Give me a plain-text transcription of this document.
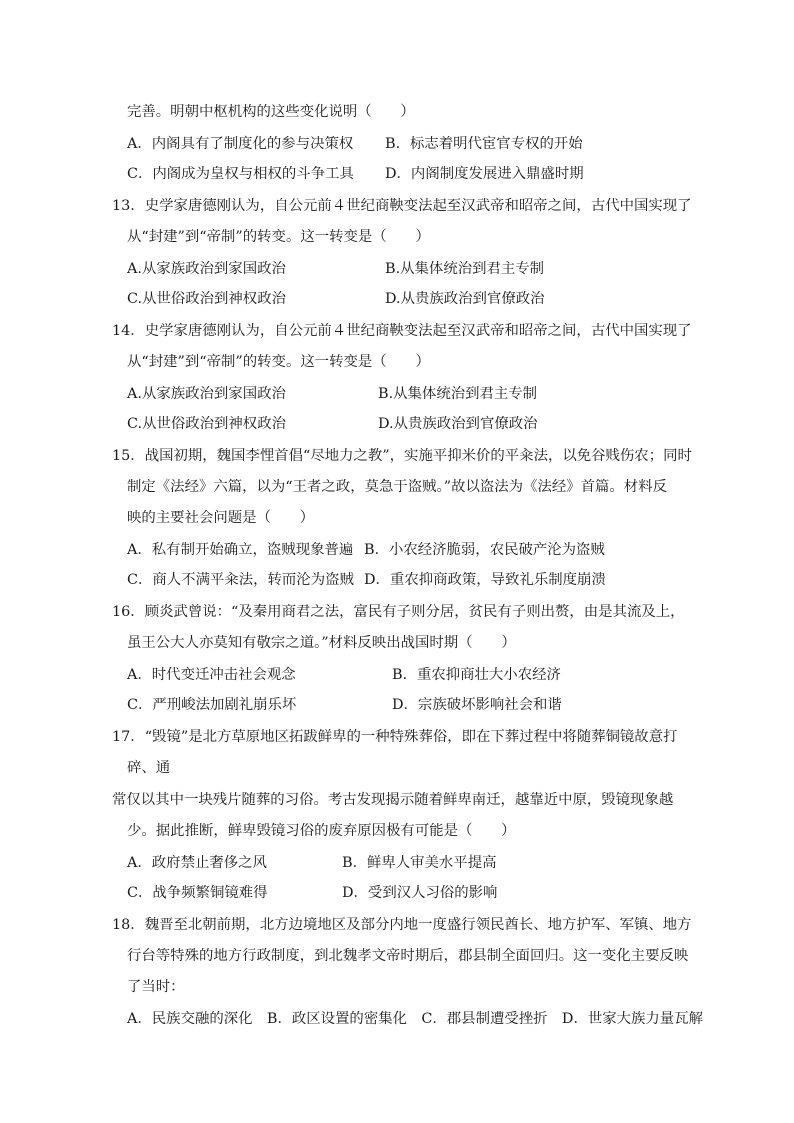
完善。明朝中枢机构的这些变化说明（　　）
A．内阁具有了制度化的参与决策权 B．标志着明代宦官专权的开始
C．内阁成为皇权与相权的斗争工具 D．内阁制度发展进入鼎盛时期
13．史学家唐德刚认为，自公元前４世纪商鞅变法起至汉武帝和昭帝之间，古代中国实现了
从“封建”到“帝制”的转变。这一转变是（　　）
A.从家族政治到家国政治	B.从集体统治到君主专制
C.从世俗政治到神权政治	D.从贵族政治到官僚政治
14．史学家唐德刚认为，自公元前４世纪商鞅变法起至汉武帝和昭帝之间，古代中国实现了
从“封建”到“帝制”的转变。这一转变是（　　）
A.从家族政治到家国政治	B.从集体统治到君主专制
C.从世俗政治到神权政治	D.从贵族政治到官僚政治
15．战国初期，魏国李悝首倡“尽地力之教”，实施平抑米价的平籴法，以免谷贱伤农；同时
制定《法经》六篇，以为“王者之政，莫急于盗贼。”故以盗法为《法经》首篇。材料反
映的主要社会问题是（　　）
A．私有制开始确立，盗贼现象普遍 B．小农经济脆弱，农民破产沦为盗贼
C．商人不满平籴法，转而沦为盗贼 D．重农抑商政策，导致礼乐制度崩溃
16．顾炎武曾说：“及秦用商君之法，富民有子则分居，贫民有子则出赘，由是其流及上，
虽王公大人亦莫知有敬宗之道。”材料反映出战国时期（　　）
A．时代变迁冲击社会观念	B．重农抑商壮大小农经济
C．严刑峻法加剧礼崩乐坏	D．宗族破坏影响社会和谐
17．“毁镜”是北方草原地区拓跋鲜卑的一种特殊葬俗，即在下葬过程中将随葬铜镜故意打
碎、通
常仅以其中一块残片随葬的习俗。考古发现揭示随着鲜卑南迁，越靠近中原，毁镜现象越
少。据此推断，鲜卑毁镜习俗的废弃原因极有可能是（　　）
A．政府禁止奢侈之风	B．鲜卑人审美水平提高
C．战争频繁铜镜难得	D．受到汉人习俗的影响
18．魏晋至北朝前期，北方边境地区及部分内地一度盛行领民酋长、地方护军、军镇、地方
行台等特殊的地方行政制度，到北魏孝文帝时期后，郡县制全面回归。这一变化主要反映
了当时：
A．民族交融的深化　B．政区设置的密集化　C．郡县制遭受挫折　D．世家大族力量瓦解
